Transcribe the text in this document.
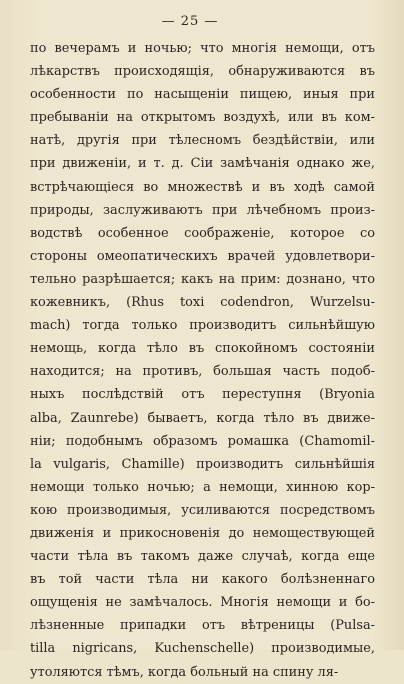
— 25 —
по вечерамъ и ночью; что многія немощи, отъ
лѣкарствъ происходящія, обнаруживаются въ
особенности по насыщеніи пищею, иныя при
пребываніи на открытомъ воздухѣ, или въ ком-
натѣ, другія при тѣлесномъ бездѣйствіи, или
при движеніи, и т. д. Сіи замѣчанія однако же,
встрѣчающіеся во множествѣ и въ ходѣ самой
природы, заслуживаютъ при лѣчебномъ произ-
водствѣ особенное соображеніе, которое со
стороны омеопатическихъ врачей удовлетвори-
тельно разрѣшается; какъ на прим: дознано, что
кожевникъ, (Rhus toxi codendron, Wurzelsu-
mach) тогда только производитъ сильнѣйшую
немощь, когда тѣло въ спокойномъ состояніи
находится; на противъ, большая часть подоб-
ныхъ послѣдствій отъ переступня (Bryonia
alba, Zaunrebe) бываетъ, когда тѣло въ движе-
ніи; подобнымъ образомъ ромашка (Chamomil-
la vulgaris, Chamille) производитъ сильнѣйшія
немощи только ночью; а немощи, хинною кор-
кою производимыя, усиливаются посредствомъ
движенія и прикосновенія до немоществующей
части тѣла въ такомъ даже случаѣ, когда еще
въ той части тѣла ни какого болѣзненнаго
ощущенія не замѣчалось. Многія немощи и бо-
лѣзненные припадки отъ вѣтреницы (Pulsa-
tilla nigricans, Kuchenschelle) производимые,
утоляются тѣмъ, когда больный на спину ля-
